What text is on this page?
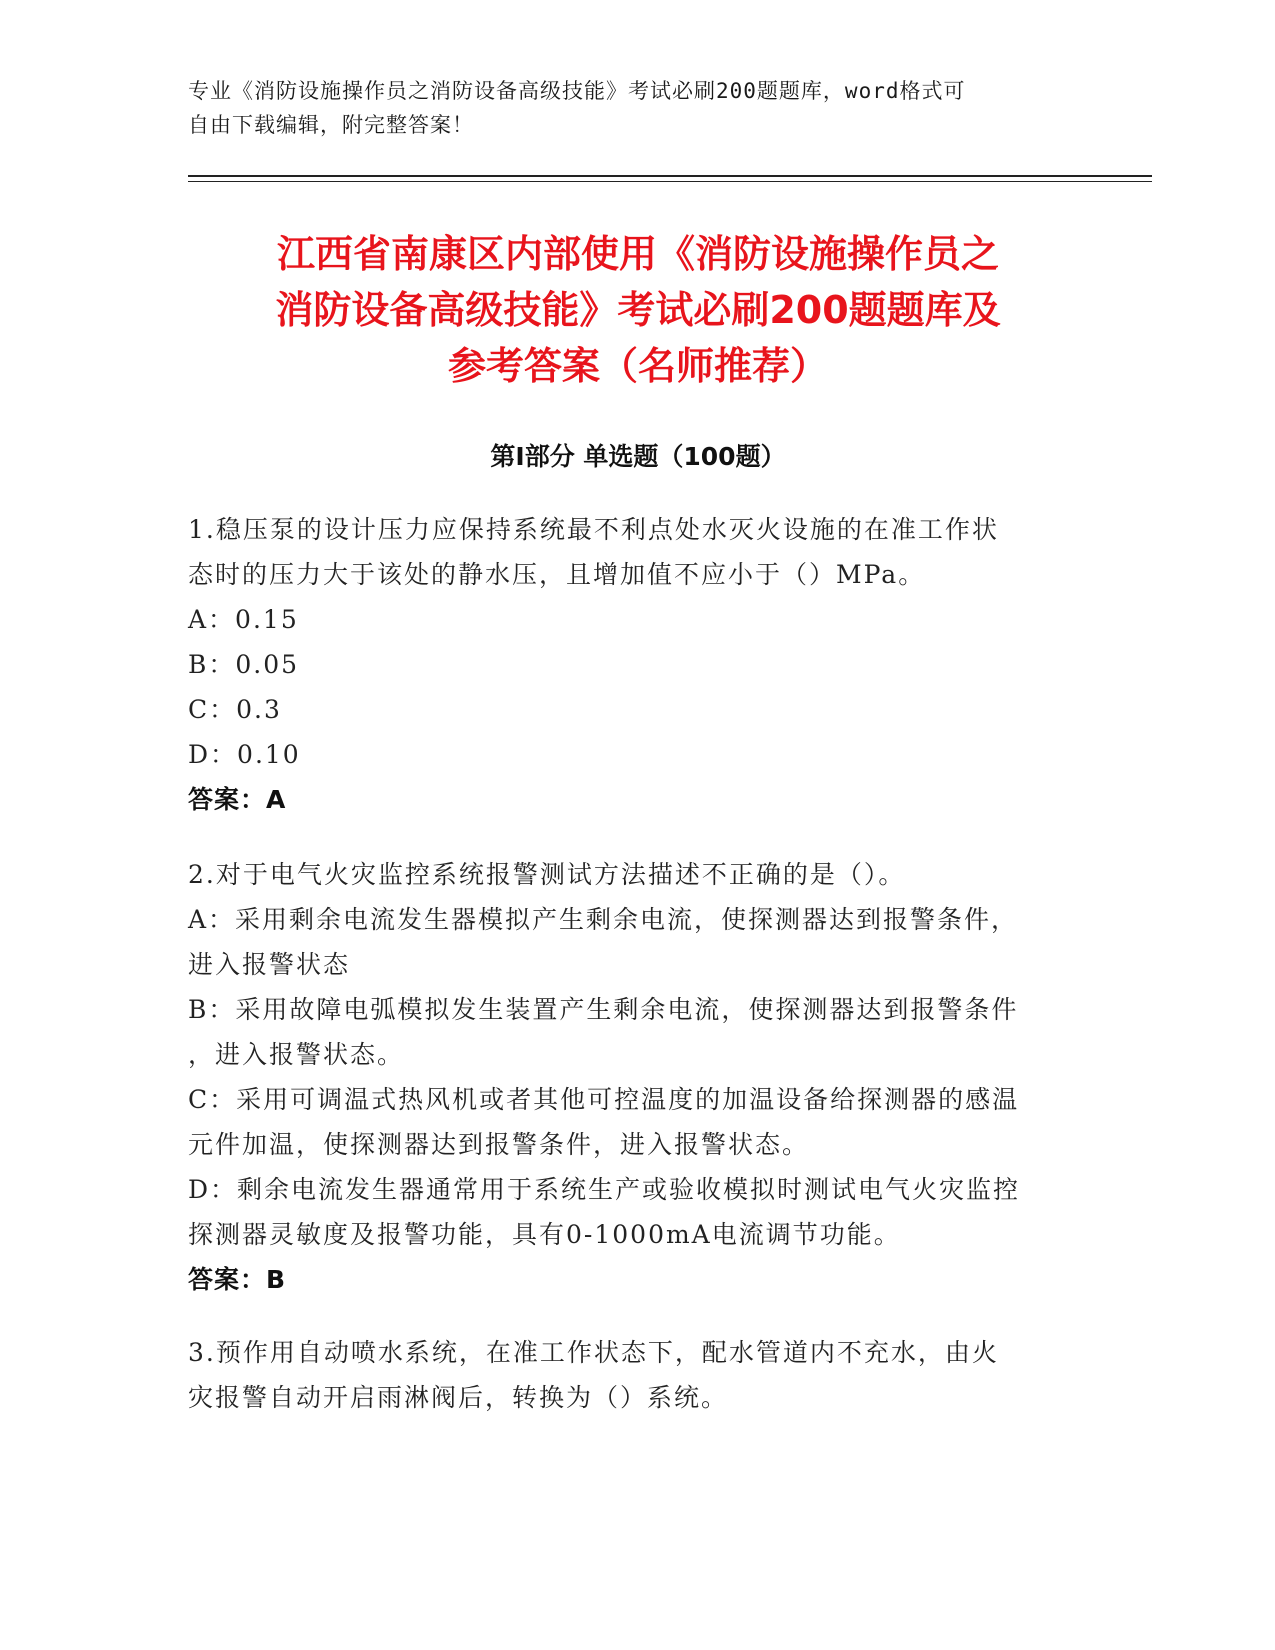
专业《消防设施操作员之消防设备高级技能》考试必刷200题题库，word格式可
自由下载编辑，附完整答案！
江西省南康区内部使用《消防设施操作员之
消防设备高级技能》考试必刷200题题库及
参考答案（名师推荐）
第I部分 单选题（100题）
1.稳压泵的设计压力应保持系统最不利点处水灭火设施的在准工作状
态时的压力大于该处的静水压，且增加值不应小于（）MPa。
A：0.15
B：0.05
C：0.3
D：0.10
答案：A
2.对于电气火灾监控系统报警测试方法描述不正确的是（）。
A：采用剩余电流发生器模拟产生剩余电流，使探测器达到报警条件，
进入报警状态
B：采用故障电弧模拟发生装置产生剩余电流，使探测器达到报警条件
，进入报警状态。
C：采用可调温式热风机或者其他可控温度的加温设备给探测器的感温
元件加温，使探测器达到报警条件，进入报警状态。
D：剩余电流发生器通常用于系统生产或验收模拟时测试电气火灾监控
探测器灵敏度及报警功能，具有0-1000mA电流调节功能。
答案：B
3.预作用自动喷水系统，在准工作状态下，配水管道内不充水，由火
灾报警自动开启雨淋阀后，转换为（）系统。
